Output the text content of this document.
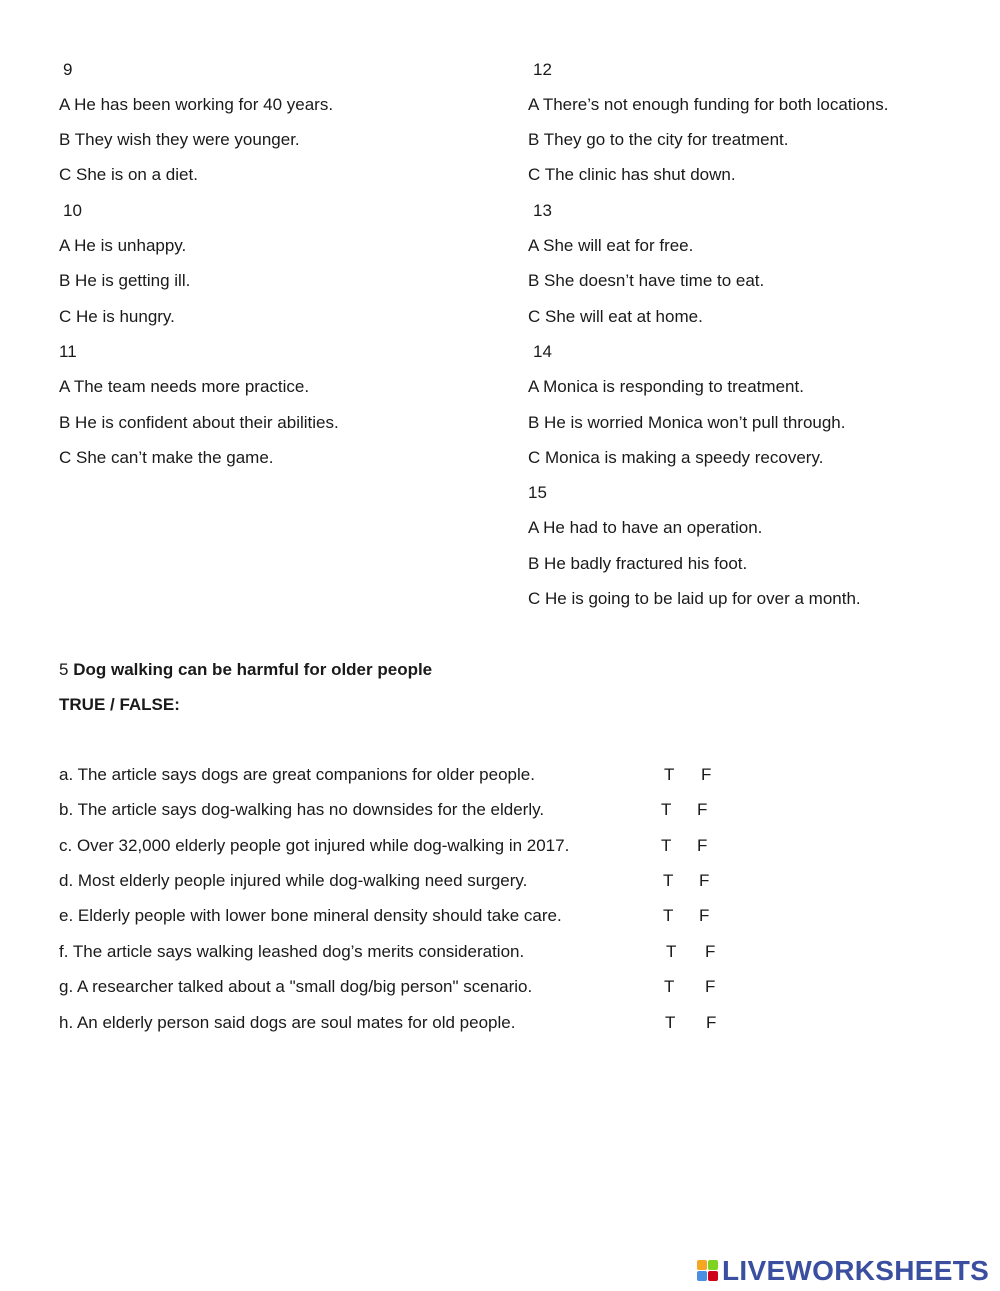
9
A He has been working for 40 years.
B They wish they were younger.
C She is on a diet.
10
A He is unhappy.
B He is getting ill.
C He is hungry.
11
A The team needs more practice.
B He is confident about their abilities.
C She can’t make the game.
12
A There’s not enough funding for both locations.
B They go to the city for treatment.
C The clinic has shut down.
13
A She will eat for free.
B She doesn’t have time to eat.
C She will eat at home.
14
A Monica is responding to treatment.
B He is worried Monica won’t pull through.
C Monica is making a speedy recovery.
15
A He had to have an operation.
B He badly fractured his foot.
C He is going to be laid up for over a month.
5 Dog walking can be harmful for older people
TRUE / FALSE:
a. The article says dogs are great companions for older people.	T F
b. The article says dog-walking has no downsides for the elderly.	T F
c. Over 32,000 elderly people got injured while dog-walking in 2017.	T F
d. Most elderly people injured while dog-walking need surgery.	T F
e. Elderly people with lower bone mineral density should take care.	T F
f. The article says walking leashed dog’s merits consideration.	T F
g. A researcher talked about a "small dog/big person" scenario.	T F
h. An elderly person said dogs are soul mates for old people.	T F
LIVEWORKSHEETS
